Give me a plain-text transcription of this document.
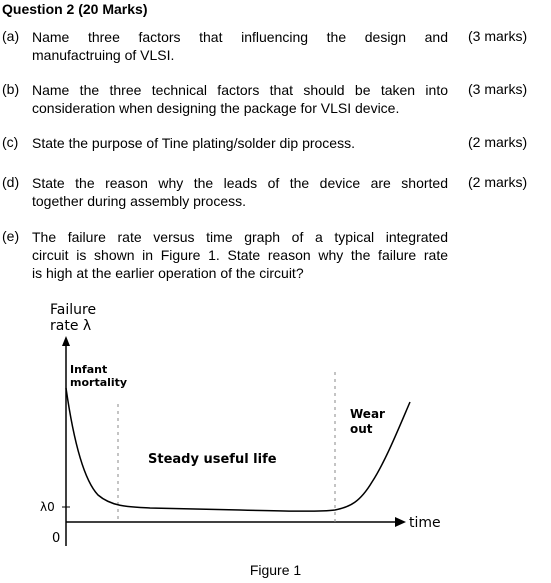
Question 2 (20 Marks)
(a) Name three factors that influencing the design and
manufactruing of VLSI.
(3 marks)
(b) Name the three technical factors that should be taken into
consideration when designing the package for VLSI device.
(3 marks)
(c) State the purpose of Tine plating/solder dip process.	(2 marks)
(d) State the reason why the leads of the device are shorted
together during assembly process.
(2 marks)
(e) The failure rate versus time graph of a typical integrated
circuit is shown in Figure 1. State reason why the failure rate
is high at the earlier operation of the circuit?
Failure
rate λ
Infant
mortality
Steady useful life
Wear
out
λ0
0
time
Figure 1
